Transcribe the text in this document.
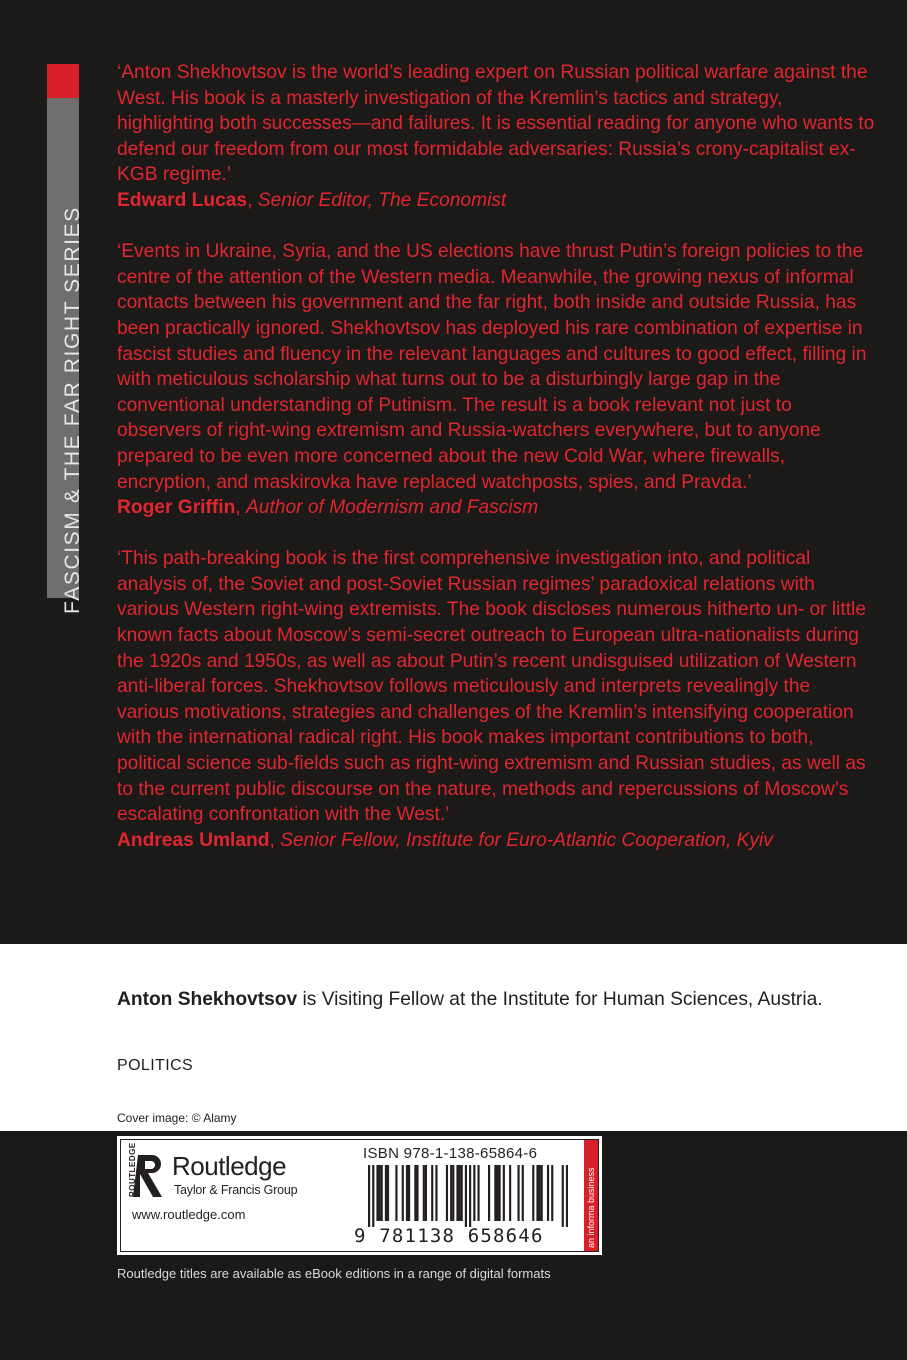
FASCISM & THE FAR RIGHT SERIES

‘Anton Shekhovtsov is the world’s leading expert on Russian political warfare against the West. His book is a masterly investigation of the Kremlin’s tactics and strategy, highlighting both successes—and failures. It is essential reading for anyone who wants to defend our freedom from our most formidable adversaries: Russia’s crony-capitalist ex-KGB regime.’

Edward Lucas, Senior Editor, The Economist

‘Events in Ukraine, Syria, and the US elections have thrust Putin’s foreign policies to the centre of the attention of the Western media. Meanwhile, the growing nexus of informal contacts between his government and the far right, both inside and outside Russia, has been practically ignored. Shekhovtsov has deployed his rare combination of expertise in fascist studies and fluency in the relevant languages and cultures to good effect, filling in with meticulous scholarship what turns out to be a disturbingly large gap in the conventional understanding of Putinism. The result is a book relevant not just to observers of right-wing extremism and Russia-watchers everywhere, but to anyone prepared to be even more concerned about the new Cold War, where firewalls, encryption, and maskirovka have replaced watchposts, spies, and Pravda.’

Roger Griffin, Author of Modernism and Fascism

‘This path-breaking book is the first comprehensive investigation into, and political analysis of, the Soviet and post-Soviet Russian regimes’ paradoxical relations with various Western right-wing extremists. The book discloses numerous hitherto un- or little known facts about Moscow’s semi-secret outreach to European ultra-nationalists during the 1920s and 1950s, as well as about Putin’s recent undisguised utilization of Western anti-liberal forces. Shekhovtsov follows meticulously and interprets revealingly the various motivations, strategies and challenges of the Kremlin’s intensifying cooperation with the international radical right. His book makes important contributions to both, political science sub-fields such as right-wing extremism and Russian studies, as well as to the current public discourse on the nature, methods and repercussions of Moscow’s escalating confrontation with the West.’

Andreas Umland, Senior Fellow, Institute for Euro-Atlantic Cooperation, Kyiv

Anton Shekhovtsov is Visiting Fellow at the Institute for Human Sciences, Austria.
POLITICS
Cover image: © Alamy
Routledge titles are available as eBook editions in a range of digital formats
ROUTLEDGE Routledge
Taylor & Francis Group
www.routledge.com
ISBN 978-1-138-65864-6
9 781138 658646	an informa business
